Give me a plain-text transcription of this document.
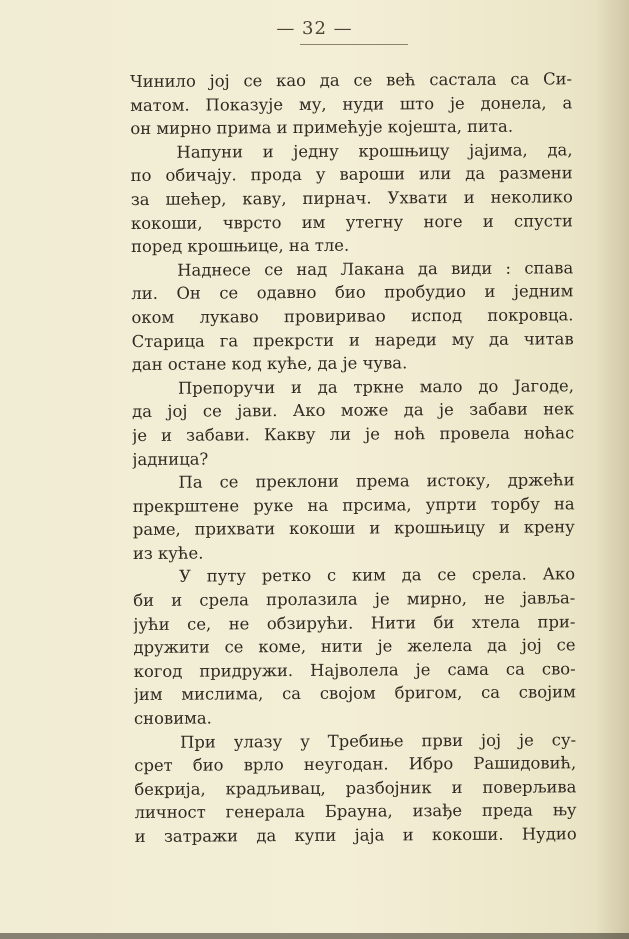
— 32 —
Чинило јој се као да се већ састала са Си-
матом. Показује му, нуди што је донела, а
он мирно прима и примећује којешта, пита.
Напуни и једну крошњицу јајима, да,
по обичају. прода у вароши или да размени
за шећер, каву, пирнач. Ухвати и неколико
кокоши, чврсто им утегну ноге и спусти
поред крошњице, на тле.
Наднесе се над Лакана да види : спава
ли. Он се одавно био пробудио и једним
оком лукаво провиривао испод покровца.
Старица га прекрсти и нареди му да читав
дан остане код куће, да је чува.
Препоручи и да тркне мало до Јагоде,
да јој се јави. Ако може да је забави нек
је и забави. Какву ли је ноћ провела ноћас
јадница?
Па се преклони према истоку, држећи
прекрштене руке на прсима, упрти торбу на
раме, прихвати кокоши и крошњицу и крену
из куће.
У путу ретко с ким да се срела. Ако
би и срела пролазила је мирно, не јавља-
јући се, не обзирући. Нити би хтела при-
дружити се коме, нити је желела да јој се
когод придружи. Најволела је сама са сво-
јим мислима, са својом бригом, са својим
сновима.
При улазу у Требиње први јој је су-
срет био врло неугодан. Ибро Рашидовић,
бекрија, крадљивац, разбојник и поверљива
личност генерала Брауна, изађе преда њу
и затражи да купи јаја и кокоши. Нудио
